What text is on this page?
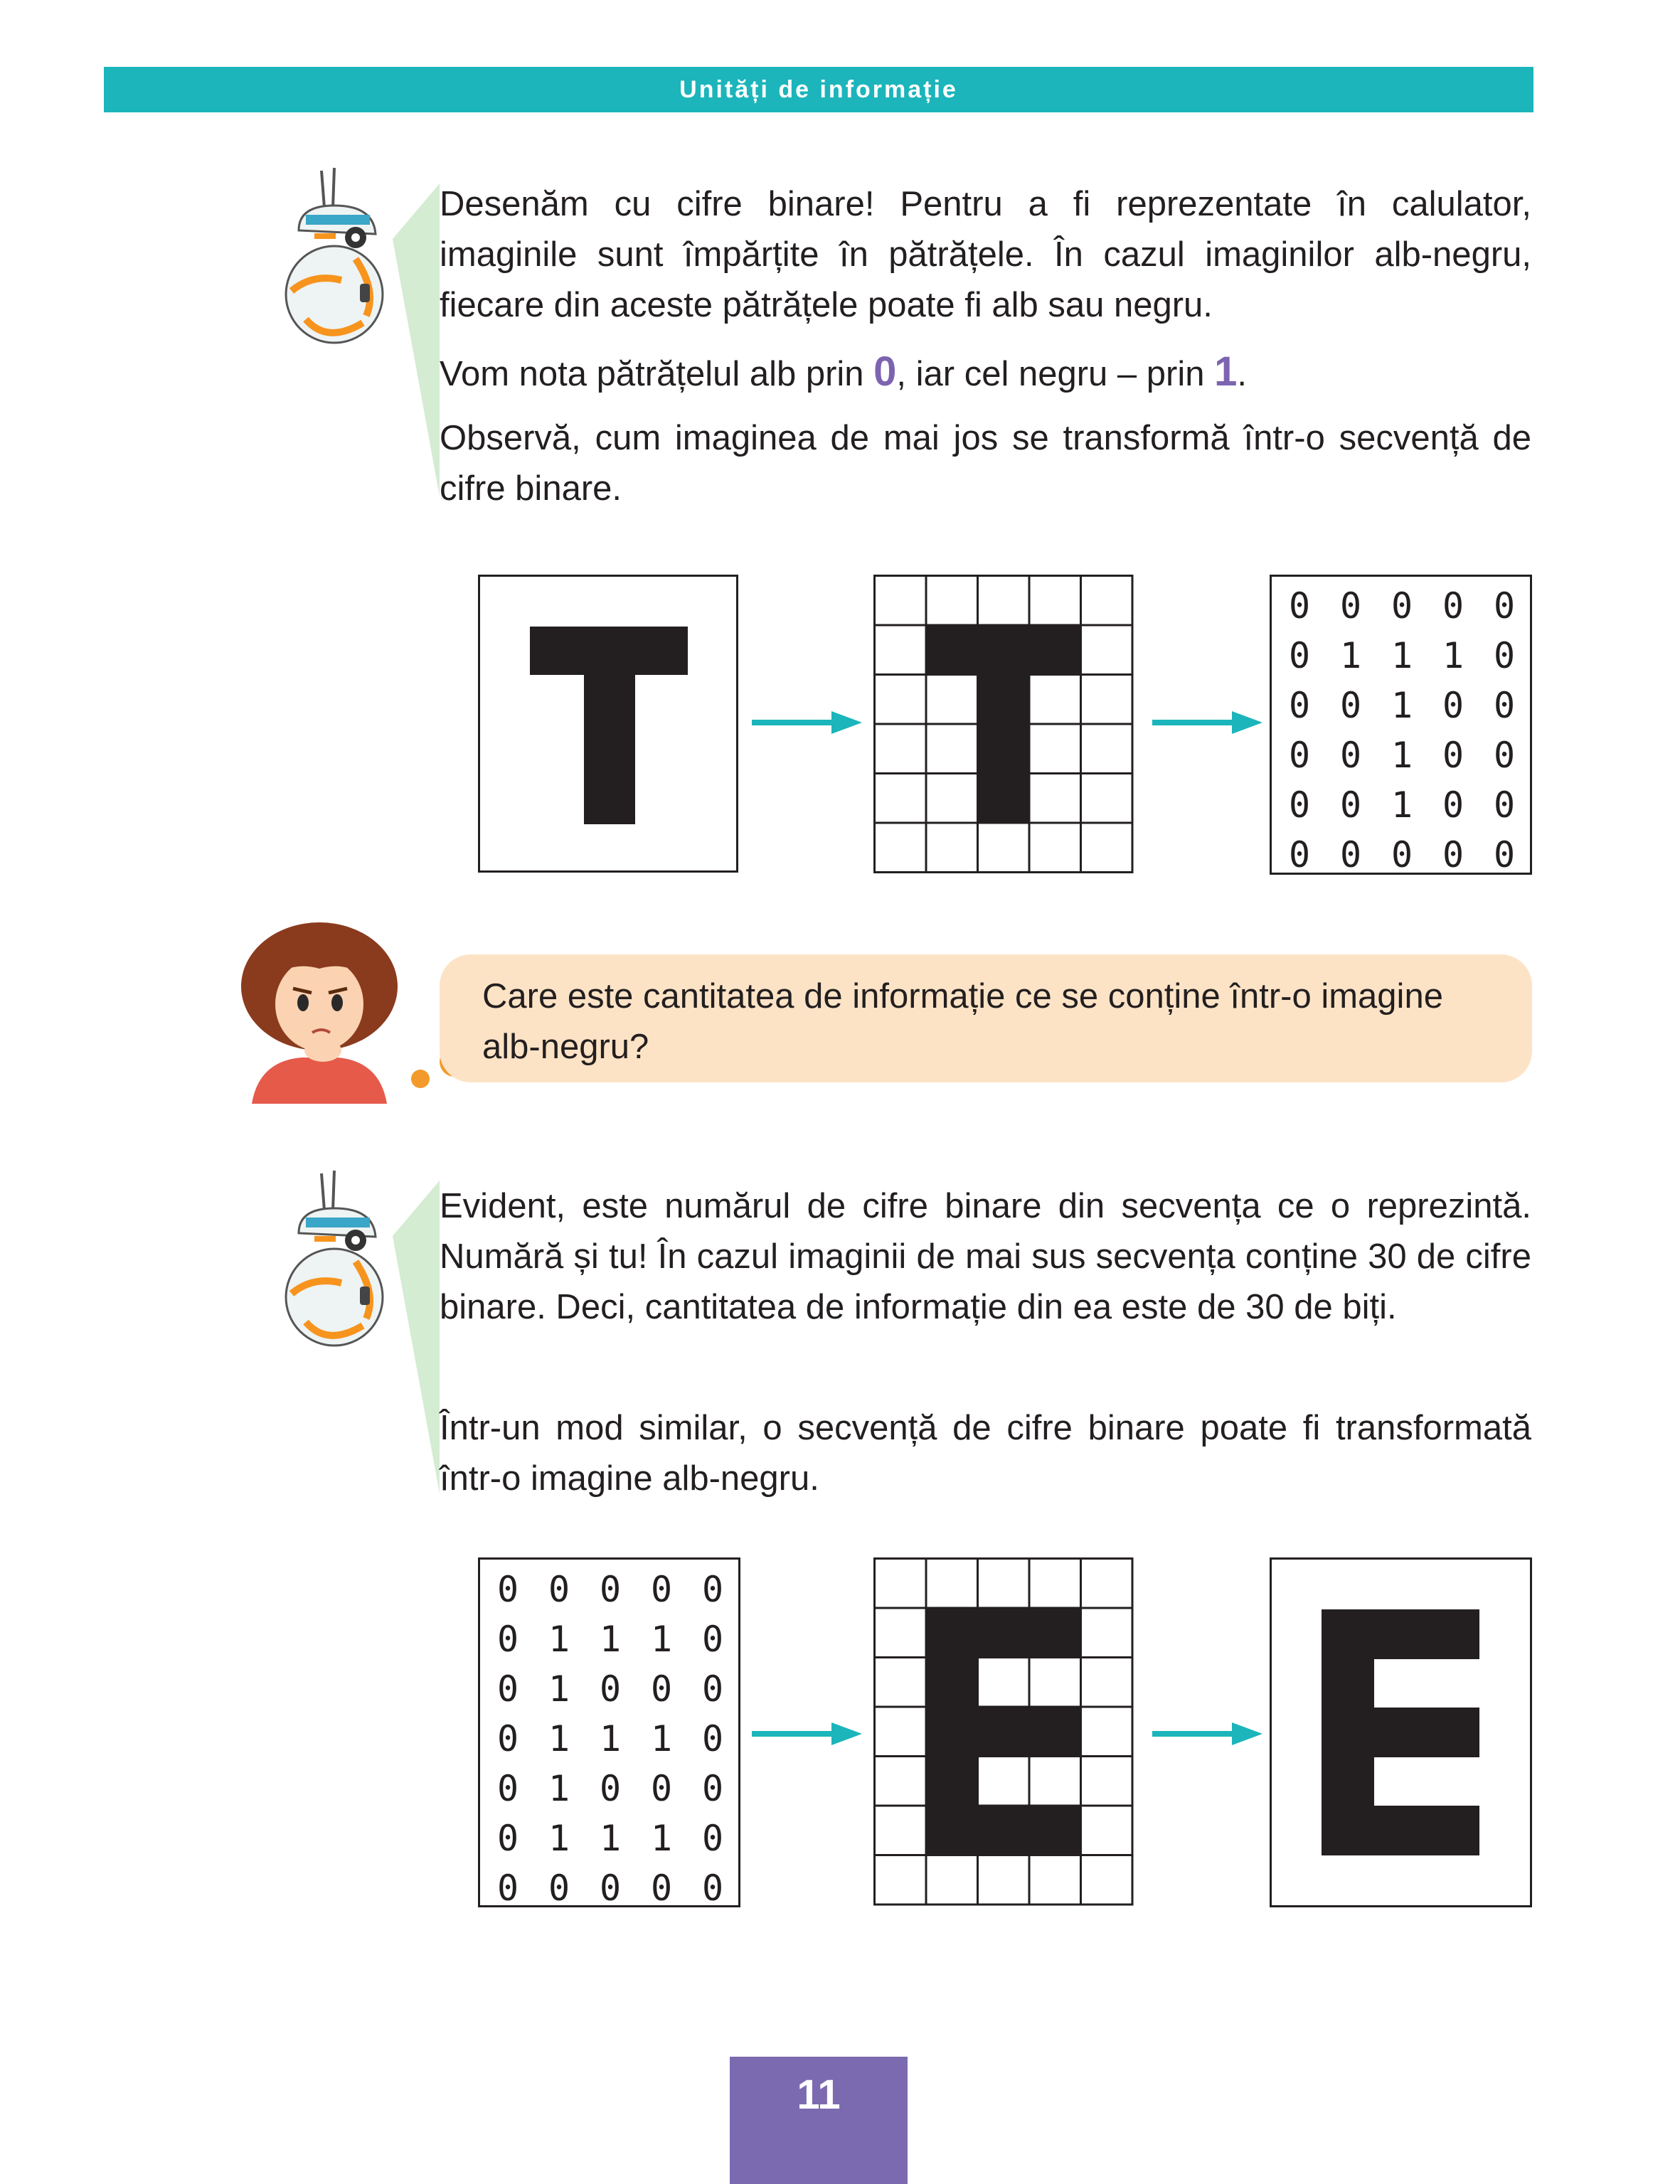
Unități de informație

Desenăm cu cifre binare! Pentru a fi reprezentate în calulator, imaginile sunt împărțite în pătrățele. În cazul imaginilor alb-negru, fiecare din aceste pătrățele poate fi alb sau negru.

Vom nota pătrățelul alb prin 0, iar cel negru – prin 1.

Observă, cum imaginea de mai jos se transformă într-o secvență de cifre binare.

0 0 0 0 0
0 1 1 1 0
0 0 1 0 0
0 0 1 0 0
0 0 1 0 0
0 0 0 0 0
Care este cantitatea de informație ce se conține într-o imagine alb-negru?

Evident, este numărul de cifre binare din secvența ce o reprezintă. Numără și tu! În cazul imaginii de mai sus secvența conține 30 de cifre binare. Deci, cantitatea de informație din ea este de 30 de biți.

Într-un mod similar, o secvență de cifre binare poate fi transformată într-o imagine alb-negru.

0 0 0 0 0
0 1 1 1 0
0 1 0 0 0
0 1 1 1 0
0 1 0 0 0
0 1 1 1 0
0 0 0 0 0
11
